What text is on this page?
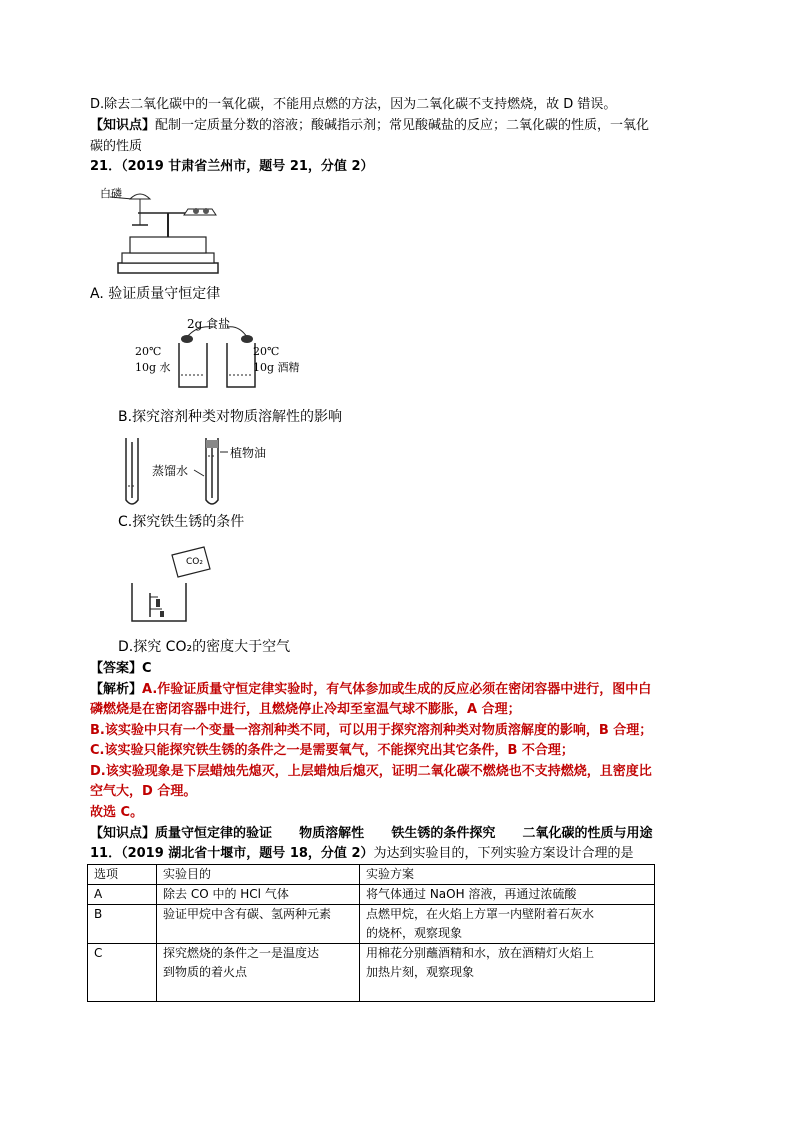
D.除去二氧化碳中的一氧化碳，不能用点燃的方法，因为二氧化碳不支持燃烧，故 D 错误。
【知识点】配制一定质量分数的溶液；酸碱指示剂；常见酸碱盐的反应；二氧化碳的性质，一氧化
碳的性质
21．（2019 甘肃省兰州市，题号 21，分值 2）
白磷
A. 验证质量守恒定律
2g 食盐
20℃
10g 水
20℃
10g 酒精
B.探究溶剂种类对物质溶解性的影响
蒸馏水
植物油
C.探究铁生锈的条件
CO₂
D.探究 CO₂的密度大于空气
【答案】C
【解析】A.作验证质量守恒定律实验时，有气体参加或生成的反应必须在密闭容器中进行，图中白
磷燃烧是在密闭容器中进行，且燃烧停止冷却至室温气球不膨胀，A 合理；
B.该实验中只有一个变量一溶剂种类不同，可以用于探究溶剂种类对物质溶解度的影响，B 合理；
C.该实验只能探究铁生锈的条件之一是需要氧气，不能探究出其它条件，B 不合理；
D.该实验现象是下层蜡烛先熄灭，上层蜡烛后熄灭，证明二氧化碳不燃烧也不支持燃烧，且密度比
空气大，D 合理。
故选 C。
【知识点】质量守恒定律的验证      物质溶解性      铁生锈的条件探究      二氧化碳的性质与用途
11．（2019 湖北省十堰市，题号 18，分值 2）为达到实验目的，下列实验方案设计合理的是
选项	实验目的	实验方案
A	除去 CO 中的 HCl 气体	将气体通过 NaOH 溶液，再通过浓硫酸
B	验证甲烷中含有碳、氢两种元素	点燃甲烷，在火焰上方罩一内壁附着石灰水
的烧杯，观察现象
C	探究燃烧的条件之一是温度达
到物质的着火点	用棉花分别蘸酒精和水，放在酒精灯火焰上
加热片刻，观察现象
